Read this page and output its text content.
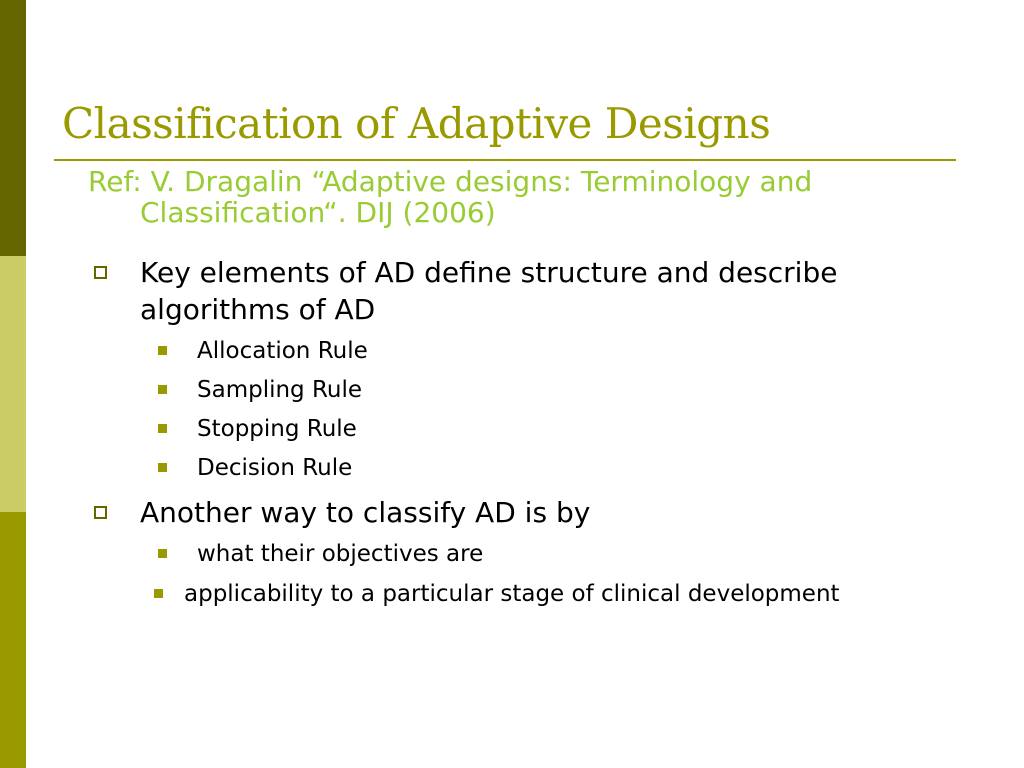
Classification of Adaptive Designs

Ref: V. Dragalin “Adaptive designs: Terminology and Classification“. DIJ (2006)

Key elements of AD define structure and describe algorithms of AD
Allocation Rule
Sampling Rule
Stopping Rule
Decision Rule
Another way to classify AD is by
what their objectives are
applicability to a particular stage of clinical development
